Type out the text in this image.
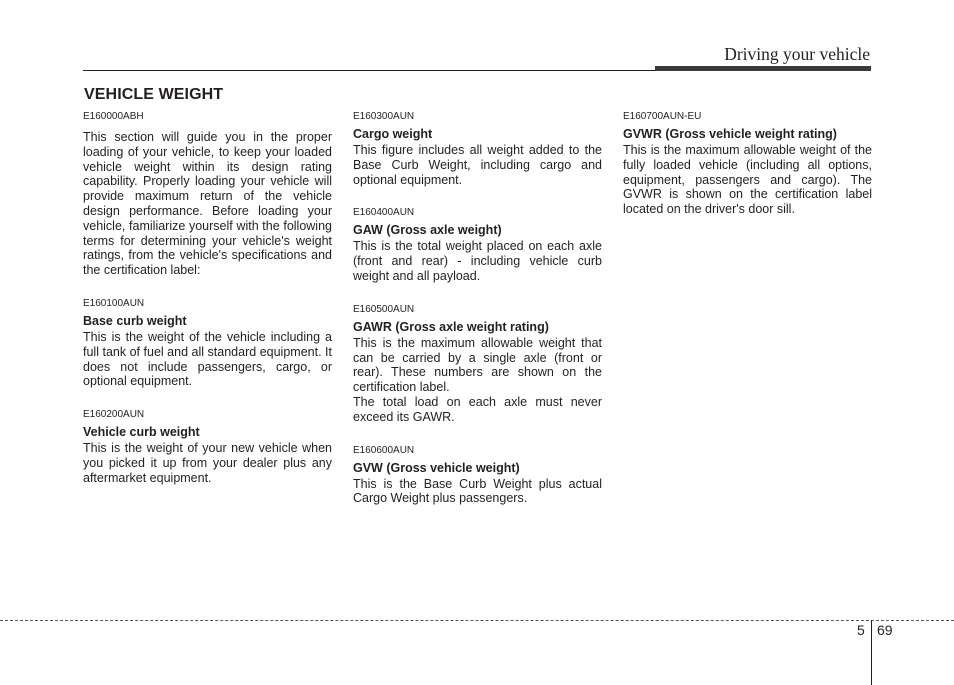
Driving your vehicle
VEHICLE WEIGHT

E160000ABH

This section will guide you in the proper loading of your vehicle, to keep your loaded vehicle weight within its design rating capability. Properly loading your vehicle will provide maximum return of the vehicle design performance. Before loading your vehicle, familiarize yourself with the following terms for determining your vehicle's weight ratings, from the vehicle's specifications and the certification label:

E160100AUN

Base curb weight

This is the weight of the vehicle including a full tank of fuel and all standard equipment. It does not include passengers, cargo, or optional equipment.

E160200AUN

Vehicle curb weight

This is the weight of your new vehicle when you picked it up from your dealer plus any aftermarket equipment.

E160300AUN

Cargo weight

This figure includes all weight added to the Base Curb Weight, including cargo and optional equipment.

E160400AUN

GAW (Gross axle weight)

This is the total weight placed on each axle (front and rear) - including vehicle curb weight and all payload.

E160500AUN

GAWR (Gross axle weight rating)

This is the maximum allowable weight that can be carried by a single axle (front or rear). These numbers are shown on the certification label.

The total load on each axle must never exceed its GAWR.

E160600AUN

GVW (Gross vehicle weight)

This is the Base Curb Weight plus actual Cargo Weight plus passengers.

E160700AUN-EU

GVWR (Gross vehicle weight rating)

This is the maximum allowable weight of the fully loaded vehicle (including all options, equipment, passengers and cargo). The GVWR is shown on the certification label located on the driver's door sill.

5 69
